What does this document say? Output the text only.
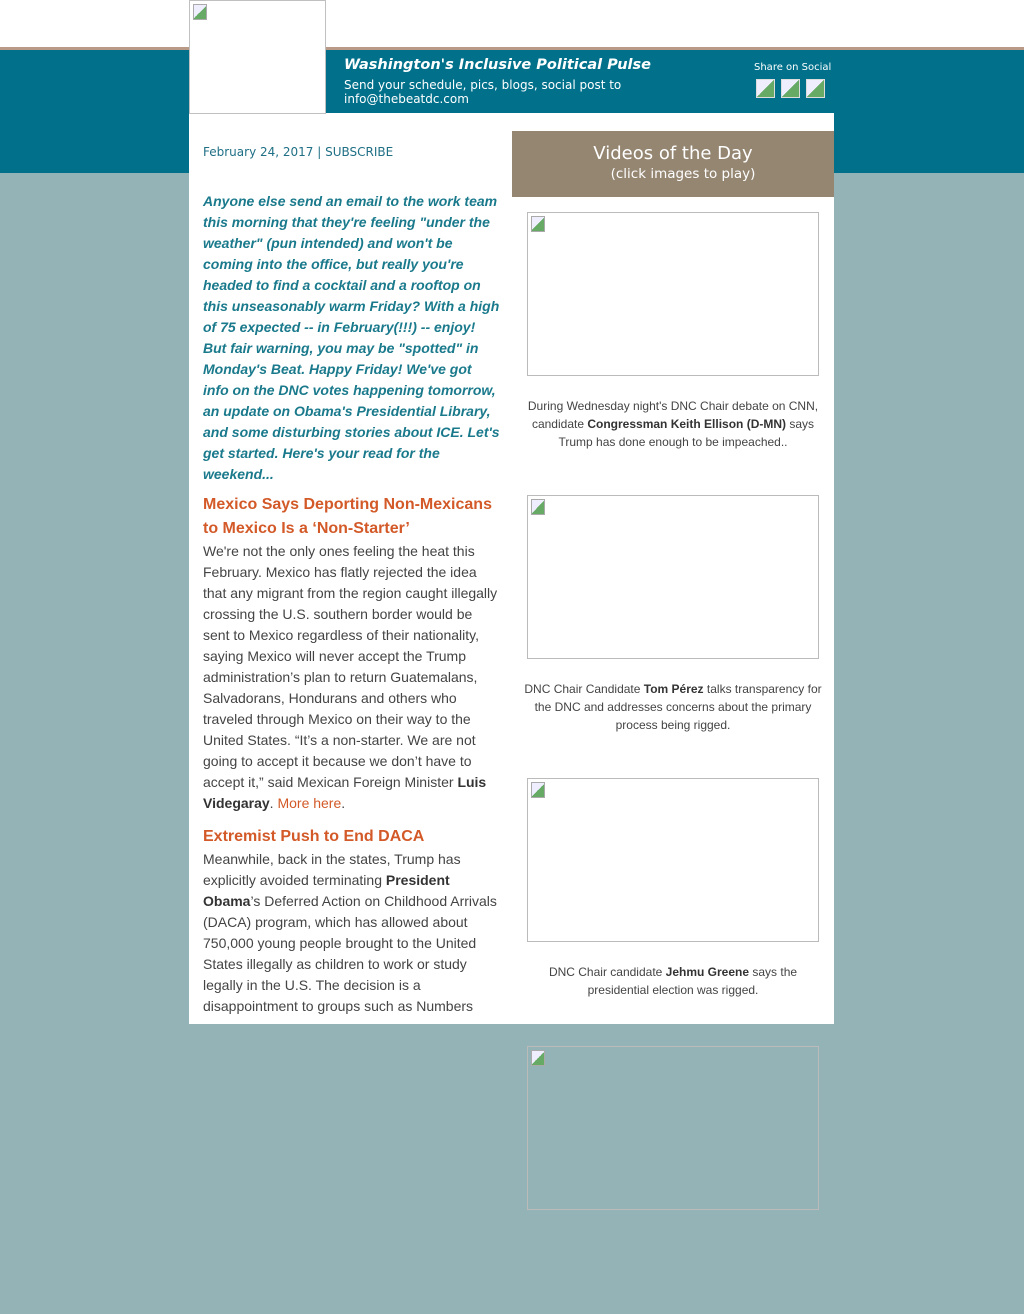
Washington's Inclusive Political Pulse
Send your schedule, pics, blogs, social post to info@thebeatdc.com
Share on Social
February 24, 2017 | SUBSCRIBE
Anyone else send an email to the work team this morning that they're feeling "under the weather" (pun intended) and won't be coming into the office, but really you're headed to find a cocktail and a rooftop on this unseasonably warm Friday? With a high of 75 expected -- in February(!!!) -- enjoy! But fair warning, you may be "spotted" in Monday's Beat. Happy Friday! We've got info on the DNC votes happening tomorrow, an update on Obama's Presidential Library, and some disturbing stories about ICE. Let's get started. Here's your read for the weekend...
Mexico Says Deporting Non-Mexicans to Mexico Is a ‘Non-Starter’
We're not the only ones feeling the heat this February. Mexico has flatly rejected the idea that any migrant from the region caught illegally crossing the U.S. southern border would be sent to Mexico regardless of their nationality, saying Mexico will never accept the Trump administration’s plan to return Guatemalans, Salvadorans, Hondurans and others who traveled through Mexico on their way to the United States. “It’s a non-starter. We are not going to accept it because we don’t have to accept it,” said Mexican Foreign Minister Luis Videgaray. More here.
Extremist Push to End DACA
Meanwhile, back in the states, Trump has explicitly avoided terminating President Obama’s Deferred Action on Childhood Arrivals (DACA) program, which has allowed about 750,000 young people brought to the United States illegally as children to work or study legally in the U.S. The decision is a disappointment to groups such as Numbers
Videos of the Day
(click images to play)
During Wednesday night's DNC Chair debate on CNN, candidate Congressman Keith Ellison (D-MN) says Trump has done enough to be impeached..
DNC Chair Candidate Tom Pérez talks transparency for the DNC and addresses concerns about the primary process being rigged.
DNC Chair candidate Jehmu Greene says the presidential election was rigged.
